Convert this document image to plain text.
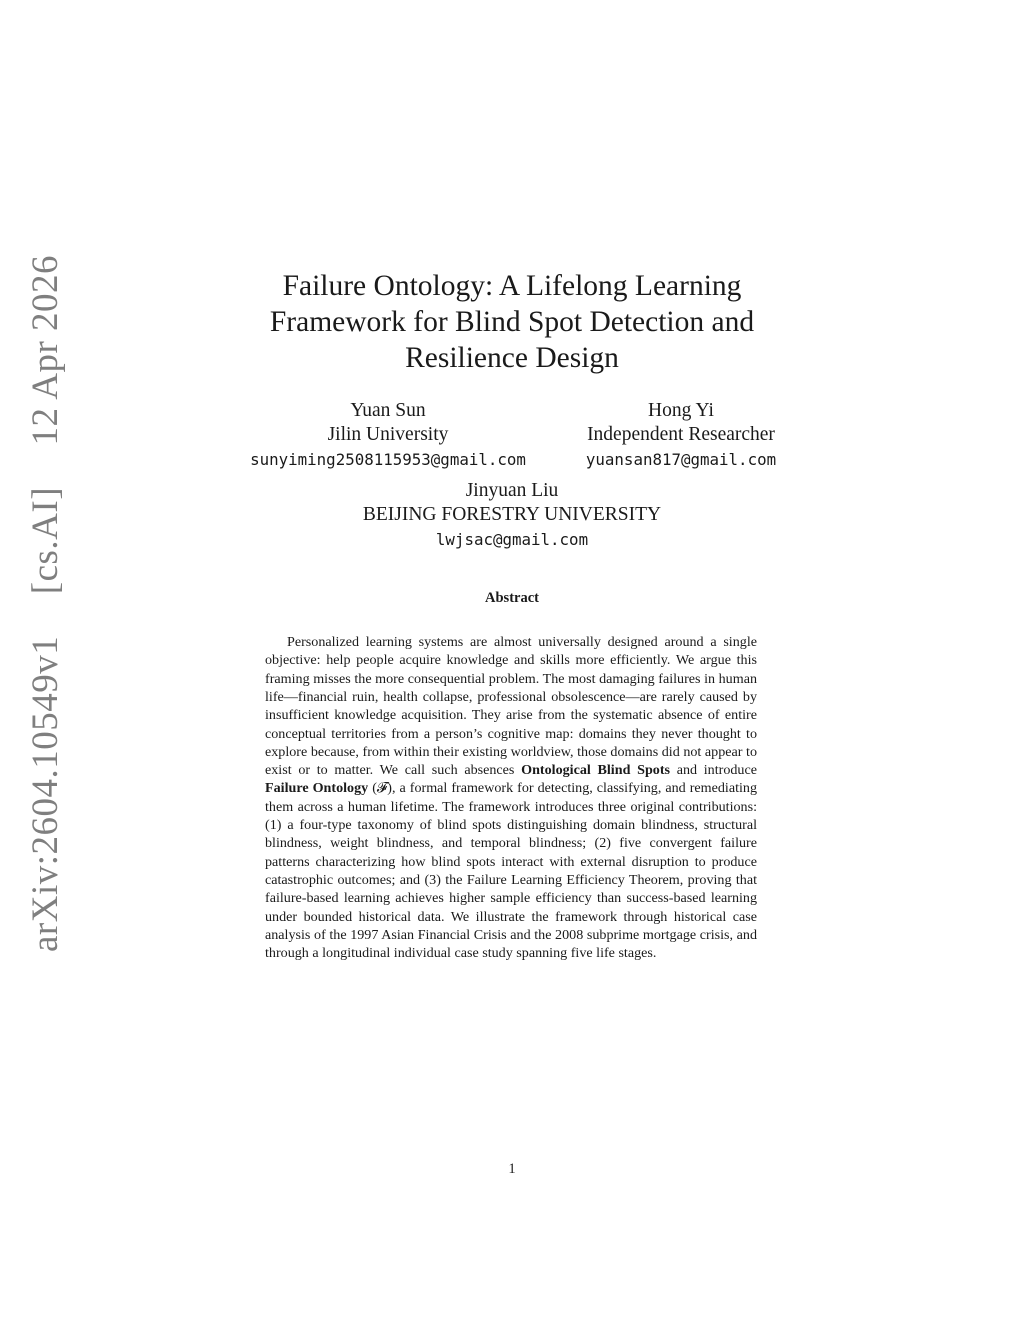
arXiv:2604.10549v1  [cs.AI]  12 Apr 2026	Failure Ontology: A Lifelong Learning
Framework for Blind Spot Detection and
Resilience Design
Yuan Sun
Jilin University
sunyiming2508115953@gmail.com
Hong Yi
Independent Researcher
yuansan817@gmail.com
Jinyuan Liu
BEIJING FORESTRY UNIVERSITY
lwjsac@gmail.com
Abstract

Personalized learning systems are almost universally designed around a single objective: help people acquire knowledge and skills more efficiently. We argue this framing misses the more consequential problem. The most damaging failures in human life—financial ruin, health collapse, professional obsolescence—are rarely caused by insufficient knowledge acquisition. They arise from the systematic absence of entire conceptual territories from a person’s cognitive map: domains they never thought to explore because, from within their existing worldview, those domains did not appear to exist or to matter. We call such absences Ontological Blind Spots and introduce Failure Ontology (𝓕), a formal framework for detecting, classifying, and remediating them across a human lifetime. The framework introduces three original contributions: (1) a four-type taxonomy of blind spots distinguishing domain blindness, structural blindness, weight blindness, and temporal blindness; (2) five convergent failure patterns characterizing how blind spots interact with external disruption to produce catastrophic outcomes; and (3) the Failure Learning Efficiency Theorem, proving that failure-based learning achieves higher sample efficiency than success-based learning under bounded historical data. We illustrate the framework through historical case analysis of the 1997 Asian Financial Crisis and the 2008 subprime mortgage crisis, and through a longitudinal individual case study spanning five life stages.

1
